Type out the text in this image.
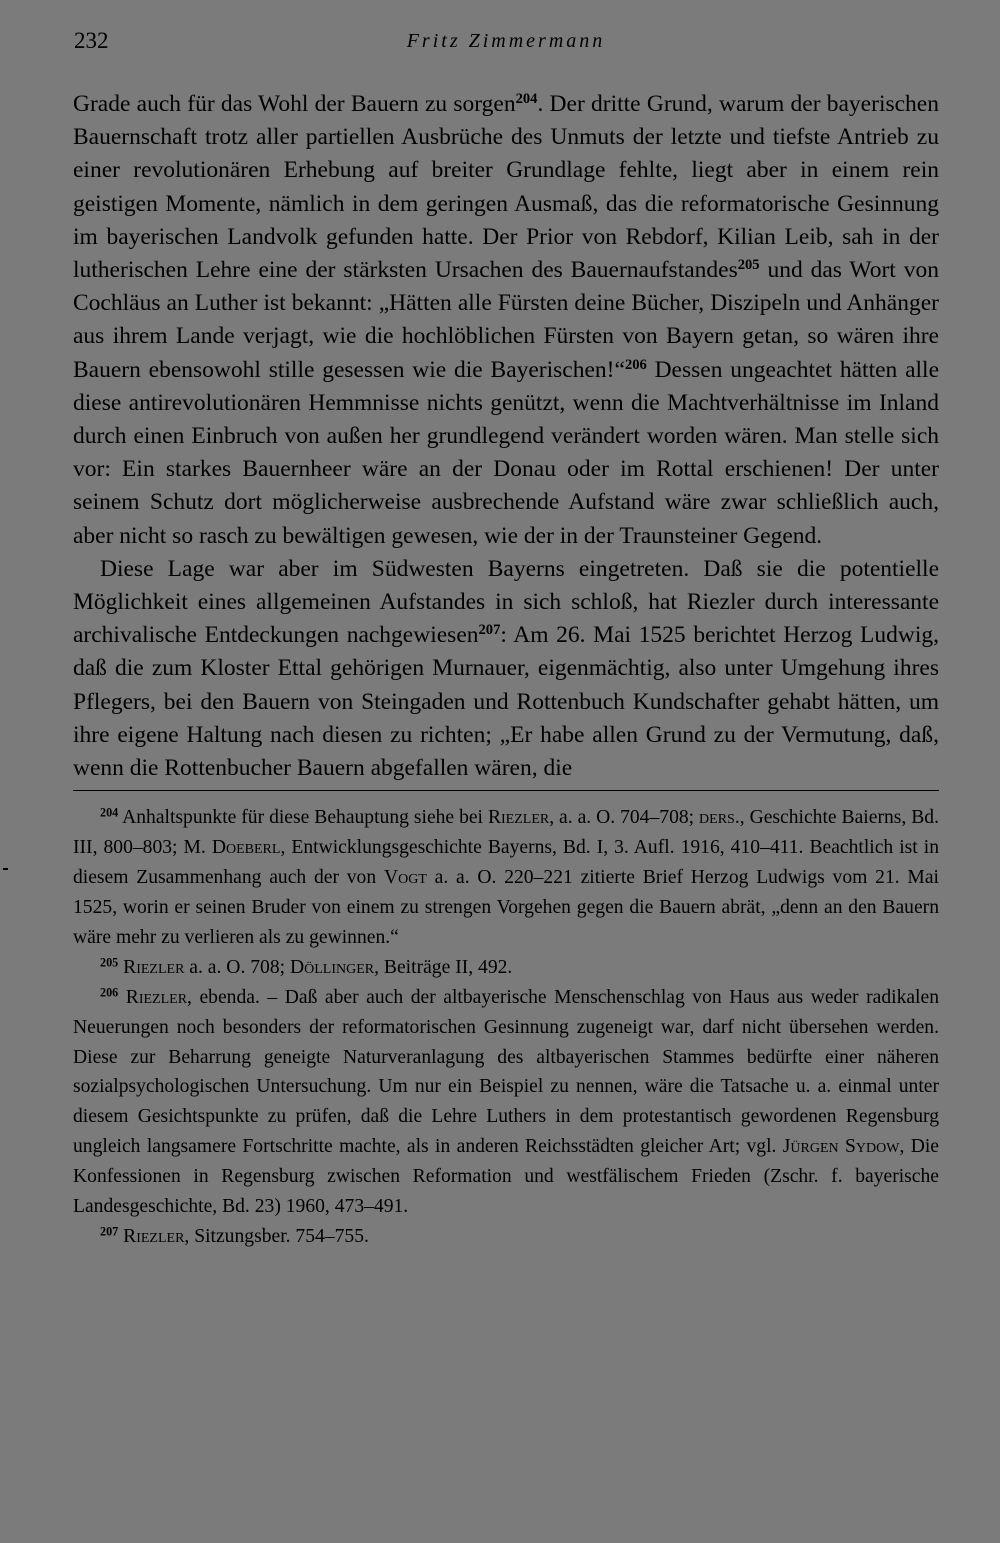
232	Fritz Zimmermann

Grade auch für das Wohl der Bauern zu sorgen$^{204}$. Der dritte Grund, warum der bayerischen Bauernschaft trotz aller partiellen Ausbrüche des Unmuts der letzte und tiefste Antrieb zu einer revolutionären Erhebung auf breiter Grundlage fehlte, liegt aber in einem rein geistigen Momente, nämlich in dem geringen Ausmaß, das die reformatorische Gesinnung im bayerischen Landvolk gefunden hatte. Der Prior von Rebdorf, Kilian Leib, sah in der lutherischen Lehre eine der stärksten Ursachen des Bauernaufstandes$^{205}$ und das Wort von Cochläus an Luther ist bekannt: „Hätten alle Fürsten deine Bücher, Diszipeln und Anhänger aus ihrem Lande verjagt, wie die hochlöblichen Fürsten von Bayern getan, so wären ihre Bauern ebensowohl stille gesessen wie die Bayerischen!“$^{206}$ Dessen ungeachtet hätten alle diese antirevolutionären Hemmnisse nichts genützt, wenn die Machtverhältnisse im Inland durch einen Einbruch von außen her grundlegend verändert worden wären. Man stelle sich vor: Ein starkes Bauernheer wäre an der Donau oder im Rottal erschienen! Der unter seinem Schutz dort möglicherweise ausbrechende Aufstand wäre zwar schließlich auch, aber nicht so rasch zu bewältigen gewesen, wie der in der Traunsteiner Gegend.

Diese Lage war aber im Südwesten Bayerns eingetreten. Daß sie die potentielle Möglichkeit eines allgemeinen Aufstandes in sich schloß, hat Riezler durch interessante archivalische Entdeckungen nachgewiesen$^{207}$: Am 26. Mai 1525 berichtet Herzog Ludwig, daß die zum Kloster Ettal gehörigen Murnauer, eigenmächtig, also unter Umgehung ihres Pflegers, bei den Bauern von Steingaden und Rottenbuch Kundschafter gehabt hätten, um ihre eigene Haltung nach diesen zu richten; „Er habe allen Grund zu der Vermutung, daß, wenn die Rottenbucher Bauern abgefallen wären, die

$^{204}$ Anhaltspunkte für diese Behauptung siehe bei Riezler, a. a. O. 704–708; ders., Geschichte Baierns, Bd. III, 800–803; M. Doeberl, Entwicklungsgeschichte Bayerns, Bd. I, 3. Aufl. 1916, 410–411. Beachtlich ist in diesem Zusammenhang auch der von Vogt a. a. O. 220–221 zitierte Brief Herzog Ludwigs vom 21. Mai 1525, worin er seinen Bruder von einem zu strengen Vorgehen gegen die Bauern abrät, „denn an den Bauern wäre mehr zu verlieren als zu gewinnen.“

$^{205}$ Riezler a. a. O. 708; Döllinger, Beiträge II, 492.

$^{206}$ Riezler, ebenda. – Daß aber auch der altbayerische Menschenschlag von Haus aus weder radikalen Neuerungen noch besonders der reformatorischen Gesinnung zugeneigt war, darf nicht übersehen werden. Diese zur Beharrung geneigte Naturveranlagung des altbayerischen Stammes bedürfte einer näheren sozialpsychologischen Untersuchung. Um nur ein Beispiel zu nennen, wäre die Tatsache u. a. einmal unter diesem Gesichtspunkte zu prüfen, daß die Lehre Luthers in dem protestantisch gewordenen Regensburg ungleich langsamere Fortschritte machte, als in anderen Reichsstädten gleicher Art; vgl. Jürgen Sydow, Die Konfessionen in Regensburg zwischen Reformation und westfälischem Frieden (Zschr. f. bayerische Landesgeschichte, Bd. 23) 1960, 473–491.

$^{207}$ Riezler, Sitzungsber. 754–755.
